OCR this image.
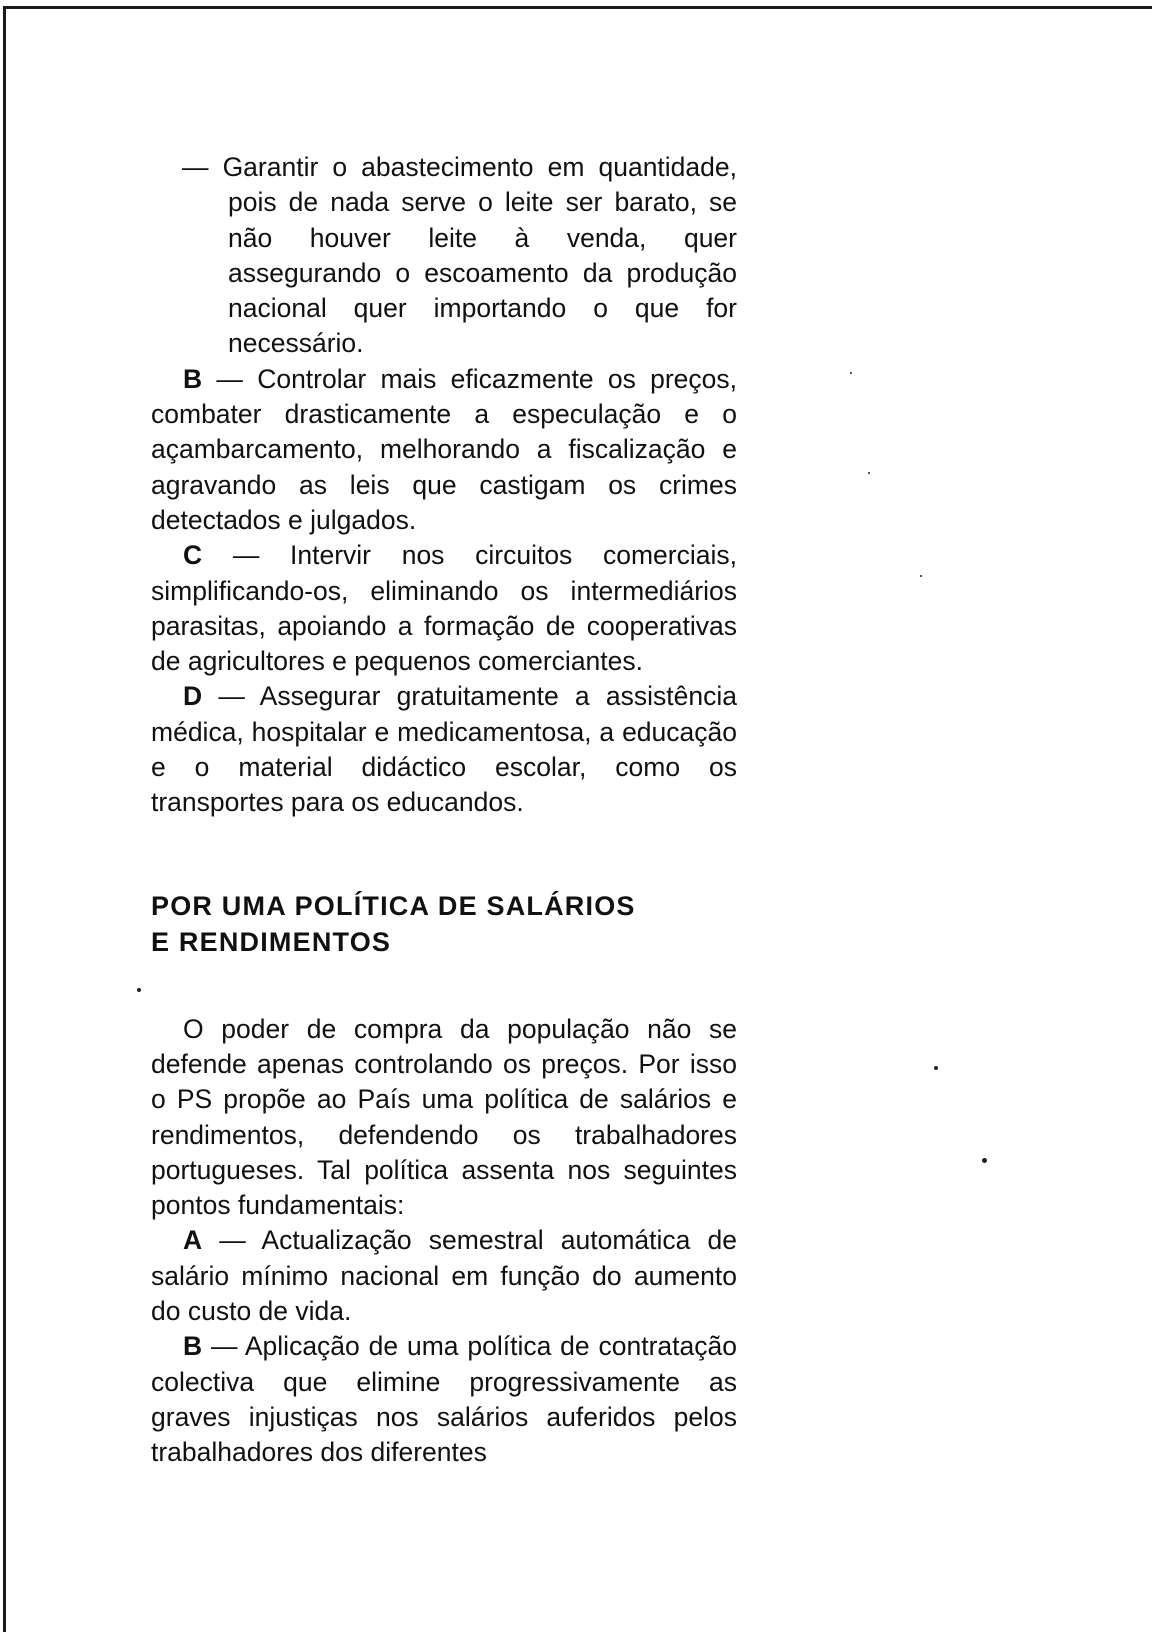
— Garantir o abastecimento em quantidade, pois de nada serve o leite ser barato, se não houver leite à venda, quer assegurando o escoamento da produção nacional quer importando o que for necessário.

B — Controlar mais eficazmente os preços, combater drasticamente a especulação e o açambarcamento, melhorando a fiscalização e agravando as leis que castigam os crimes detectados e julgados.

C — Intervir nos circuitos comerciais, simplificando-os, eliminando os intermediários parasitas, apoiando a formação de cooperativas de agricultores e pequenos comerciantes.

D — Assegurar gratuitamente a assistência médica, hospitalar e medicamentosa, a educação e o material didáctico escolar, como os transportes para os educandos.

POR UMA POLÍTICA DE SALÁRIOS
E RENDIMENTOS

O poder de compra da população não se defende apenas controlando os preços. Por isso o PS propõe ao País uma política de salários e rendimentos, defendendo os trabalhadores portugueses. Tal política assenta nos seguintes pontos fundamentais:

A — Actualização semestral automática de salário mínimo nacional em função do aumento do custo de vida.

B — Aplicação de uma política de contratação colectiva que elimine progressivamente as graves injustiças nos salários auferidos pelos trabalhadores dos diferentes
